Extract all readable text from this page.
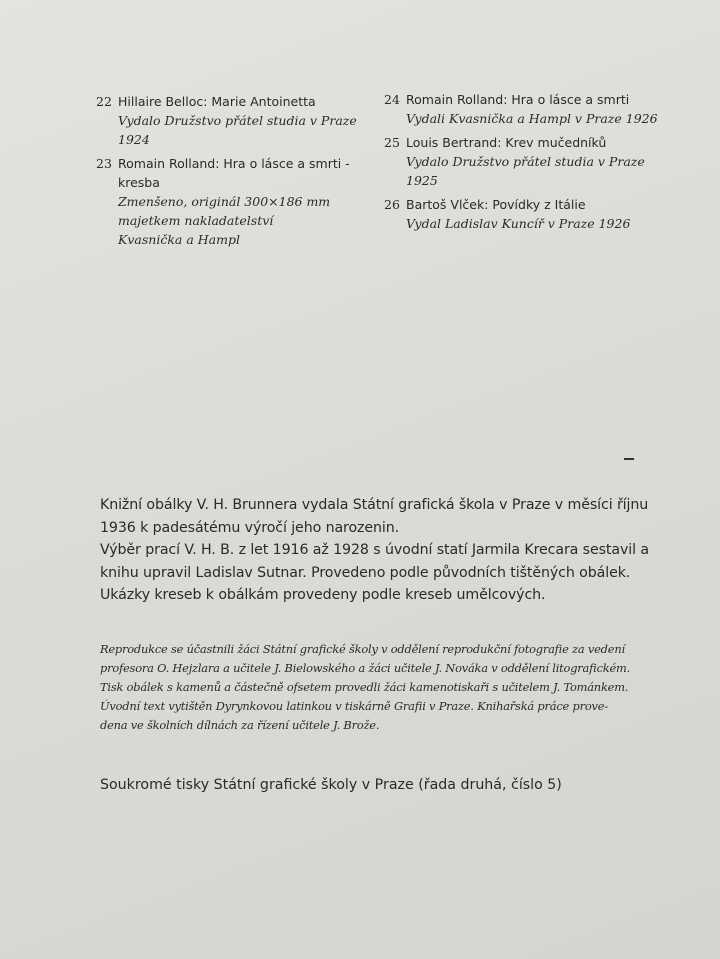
22 Hillaire Belloc: Marie Antoinetta
Vydalo Družstvo přátel studia v Praze
1924
23 Romain Rolland: Hra o lásce a smrti - kresba
Zmenšeno, originál 300×186 mm
majetkem nakladatelství
Kvasnička a Hampl
24 Romain Rolland: Hra o lásce a smrti
Vydali Kvasnička a Hampl v Praze 1926
25 Louis Bertrand: Krev mučedníků
Vydalo Družstvo přátel studia v Praze
1925
26 Bartoš Vlček: Povídky z Itálie
Vydal Ladislav Kuncíř v Praze 1926

Knižní obálky V. H. Brunnera vydala Státní grafická škola v Praze v měsíci říjnu 1936 k padesátému výročí jeho narozenin.

Výběr prací V. H. B. z let 1916 až 1928 s úvodní statí Jarmila Krecara sestavil a knihu upravil Ladislav Sutnar. Provedeno podle původních tištěných obálek. Ukázky kreseb k obálkám provedeny podle kreseb umělcových.

Reprodukce se účastnili žáci Státní grafické školy v oddělení reprodukční fotografie za vedení
profesora O. Hejzlara a učitele J. Bielowského a žáci učitele J. Nováka v oddělení litografickém.
Tisk obálek s kamenů a částečně ofsetem provedli žáci kamenotiskaři s učitelem J. Tománkem.
Úvodní text vytištěn Dyrynkovou latinkou v tiskárně Grafii v Praze. Knihařská práce prove-
dena ve školních dílnách za řízení učitele J. Brože.
Soukromé tisky Státní grafické školy v Praze (řada druhá, číslo 5)
